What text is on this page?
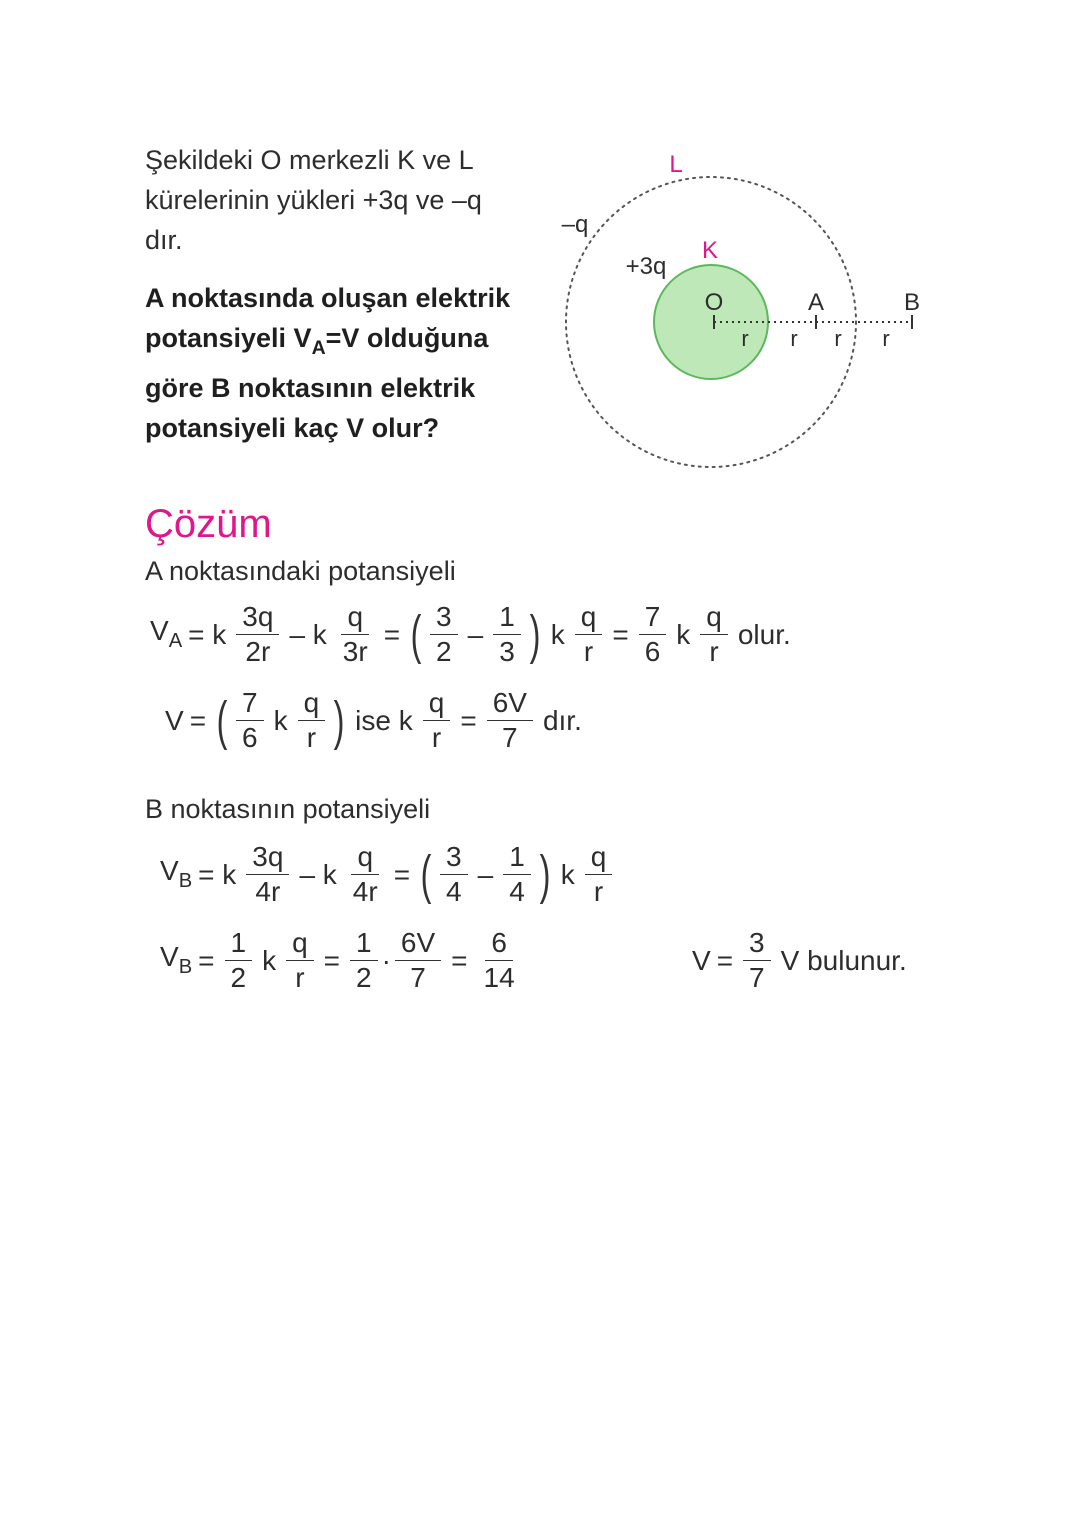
Şekildeki O merkezli K ve L kürelerinin yükleri +3q ve –q dır.

A noktasında oluşan elektrik potansiyeli $V_A=V$ olduğuna göre B noktasının elektrik potansiyeli kaç V olur?

L
–q
K
+3q
O	A	B
r r r r
Çözüm
A noktasındaki potansiyeli
$V_A = k \frac{3q}{2r} - k \frac{q}{3r}$ = ( $\frac{3}{2} - \frac{1}{3}$ ) k $\frac{q}{r} = \frac{7}{6}$ k $\frac{q}{r}$ olur.
V = ( $\frac{7}{6}$ k $\frac{q}{r}$ ) ise k $\frac{q}{r} = \frac{6V}{7}$ dır.
B noktasının potansiyeli
$V_B = k \frac{3q}{4r} - k \frac{q}{4r}$ = ( $\frac{3}{4} - \frac{1}{4}$ ) k $\frac{q}{r}$
$V_B = \frac{1}{2}$ k $\frac{q}{r} = \frac{1}{2} \cdot \frac{6V}{7} = \frac{6}{14}$	$V = \frac{3}{7}$ V bulunur.
